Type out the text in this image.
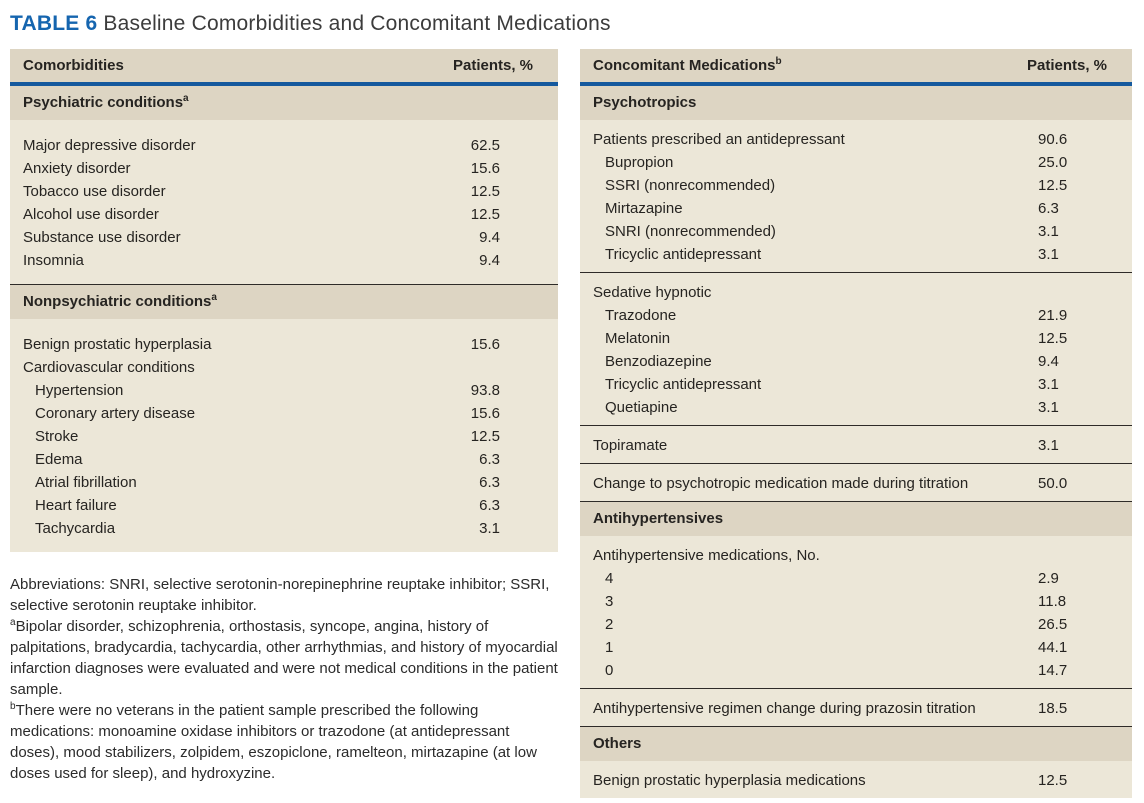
TABLE 6 Baseline Comorbidities and Concomitant Medications
Comorbidities	Patients, %
Psychiatric conditions$^a$
Major depressive disorder	62.5
Anxiety disorder	15.6
Tobacco use disorder	12.5
Alcohol use disorder	12.5
Substance use disorder	9.4
Insomnia	9.4
Nonpsychiatric conditions$^a$
Benign prostatic hyperplasia	15.6
Cardiovascular conditions
Hypertension	93.8
Coronary artery disease	15.6
Stroke	12.5
Edema	6.3
Atrial fibrillation	6.3
Heart failure	6.3
Tachycardia	3.1

Abbreviations: SNRI, selective serotonin-norepinephrine reuptake inhibitor; SSRI, selective serotonin reuptake inhibitor.

$^a$Bipolar disorder, schizophrenia, orthostasis, syncope, angina, history of palpitations, bradycardia, tachycardia, other arrhythmias, and history of myocardial infarction diagnoses were evaluated and were not medical conditions in the patient sample.

$^b$There were no veterans in the patient sample prescribed the following medications: monoamine oxidase inhibitors or trazodone (at antidepressant doses), mood stabilizers, zolpidem, eszopiclone, ramelteon, mirtazapine (at low doses used for sleep), and hydroxyzine.

Concomitant Medications$^b$	Patients, %
Psychotropics
Patients prescribed an antidepressant	90.6
Bupropion	25.0
SSRI (nonrecommended)	12.5
Mirtazapine	6.3
SNRI (nonrecommended)	3.1
Tricyclic antidepressant	3.1
Sedative hypnotic
Trazodone	21.9
Melatonin	12.5
Benzodiazepine	9.4
Tricyclic antidepressant	3.1
Quetiapine	3.1
Topiramate	3.1
Change to psychotropic medication made during titration	50.0
Antihypertensives
Antihypertensive medications, No.
4	2.9
3	11.8
2	26.5
1	44.1
0	14.7
Antihypertensive regimen change during prazosin titration	18.5
Others
Benign prostatic hyperplasia medications	12.5
